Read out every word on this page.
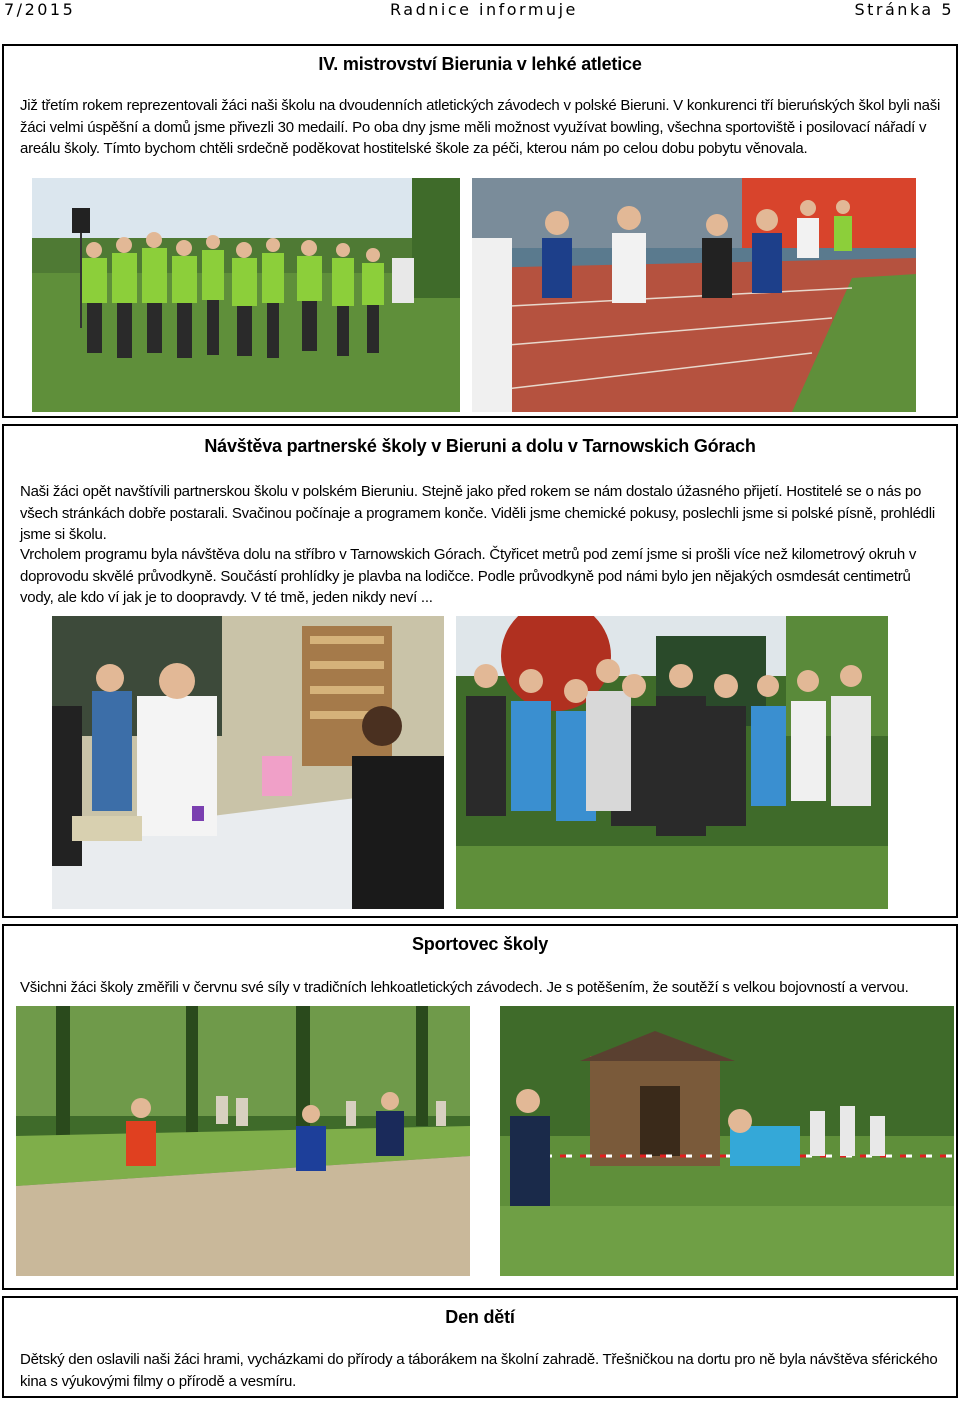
7/2015	Radnice informuje	Stránka 5
IV. mistrovství Bierunia v lehké atletice
Již třetím rokem reprezentovali žáci naši školu na dvoudenních atletických závodech v polské Bieruni. V konkurenci tří bieruńských škol byli naši žáci velmi úspěšní a domů jsme přivezli 30 medailí. Po oba dny jsme měli možnost využívat bowling, všechna sportoviště i posilovací nářadí v areálu školy. Tímto bychom chtěli srdečně poděkovat hostitelské škole za péči, kterou nám po celou dobu pobytu věnovala.
Návštěva partnerské školy v Bieruni a dolu v Tarnowskich Górach
Naši žáci opět navštívili partnerskou školu v polském Bieruniu. Stejně jako před rokem se nám dostalo úžasného přijetí. Hostitelé se o nás po všech stránkách dobře postarali. Svačinou počínaje a programem konče. Viděli jsme chemické pokusy, poslechli jsme si polské písně, prohlédli jsme si školu.
Vrcholem programu byla návštěva dolu na stříbro v Tarnowskich Górach. Čtyřicet metrů pod zemí jsme si prošli více než kilometrový okruh v doprovodu skvělé průvodkyně. Součástí prohlídky je plavba na lodičce. Podle průvodkyně pod námi bylo jen nějakých osmdesát centimetrů vody, ale kdo ví jak je to doopravdy. V té tmě, jeden nikdy neví ...
Sportovec školy
Všichni žáci školy změřili v červnu své síly v tradičních lehkoatletických závodech. Je s potěšením, že soutěží s velkou bojovností a vervou.
Den dětí
Dětský den oslavili naši žáci hrami, vycházkami do přírody a táborákem na školní zahradě. Třešničkou na dortu pro ně byla návštěva sférického kina s výukovými filmy o přírodě a vesmíru.
